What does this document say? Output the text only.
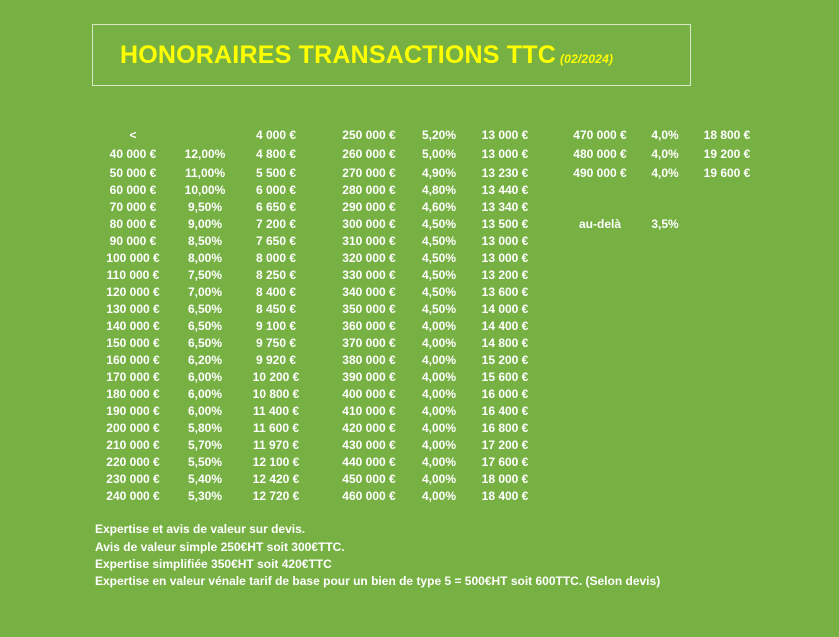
HONORAIRES TRANSACTIONS TTC (02/2024)
<
40 000 €
50 000 €
60 000 €
70 000 €
80 000 €
90 000 €
100 000 €
110 000 €
120 000 €
130 000 €
140 000 €
150 000 €
160 000 €
170 000 €
180 000 €
190 000 €
200 000 €
210 000 €
220 000 €
230 000 €
240 000 €
12,00%
11,00%
10,00%
9,50%
9,00%
8,50%
8,00%
7,50%
7,00%
6,50%
6,50%
6,50%
6,20%
6,00%
6,00%
6,00%
5,80%
5,70%
5,50%
5,40%
5,30%
4 000 €
4 800 €
5 500 €
6 000 €
6 650 €
7 200 €
7 650 €
8 000 €
8 250 €
8 400 €
8 450 €
9 100 €
9 750 €
9 920 €
10 200 €
10 800 €
11 400 €
11 600 €
11 970 €
12 100 €
12 420 €
12 720 €
250 000 €
260 000 €
270 000 €
280 000 €
290 000 €
300 000 €
310 000 €
320 000 €
330 000 €
340 000 €
350 000 €
360 000 €
370 000 €
380 000 €
390 000 €
400 000 €
410 000 €
420 000 €
430 000 €
440 000 €
450 000 €
460 000 €
5,20%
5,00%
4,90%
4,80%
4,60%
4,50%
4,50%
4,50%
4,50%
4,50%
4,50%
4,00%
4,00%
4,00%
4,00%
4,00%
4,00%
4,00%
4,00%
4,00%
4,00%
4,00%
13 000 €
13 000 €
13 230 €
13 440 €
13 340 €
13 500 €
13 000 €
13 000 €
13 200 €
13 600 €
14 000 €
14 400 €
14 800 €
15 200 €
15 600 €
16 000 €
16 400 €
16 800 €
17 200 €
17 600 €
18 000 €
18 400 €
470 000 €
480 000 €
490 000 €
au-delà
4,0%
4,0%
4,0%
3,5%
18 800 €
19 200 €
19 600 €
Expertise et avis de valeur sur devis.
Avis de valeur simple 250€HT soit 300€TTC.
Expertise simplifiée 350€HT soit 420€TTC
Expertise en valeur vénale tarif de base pour un bien de type 5 = 500€HT soit 600TTC. (Selon devis)
